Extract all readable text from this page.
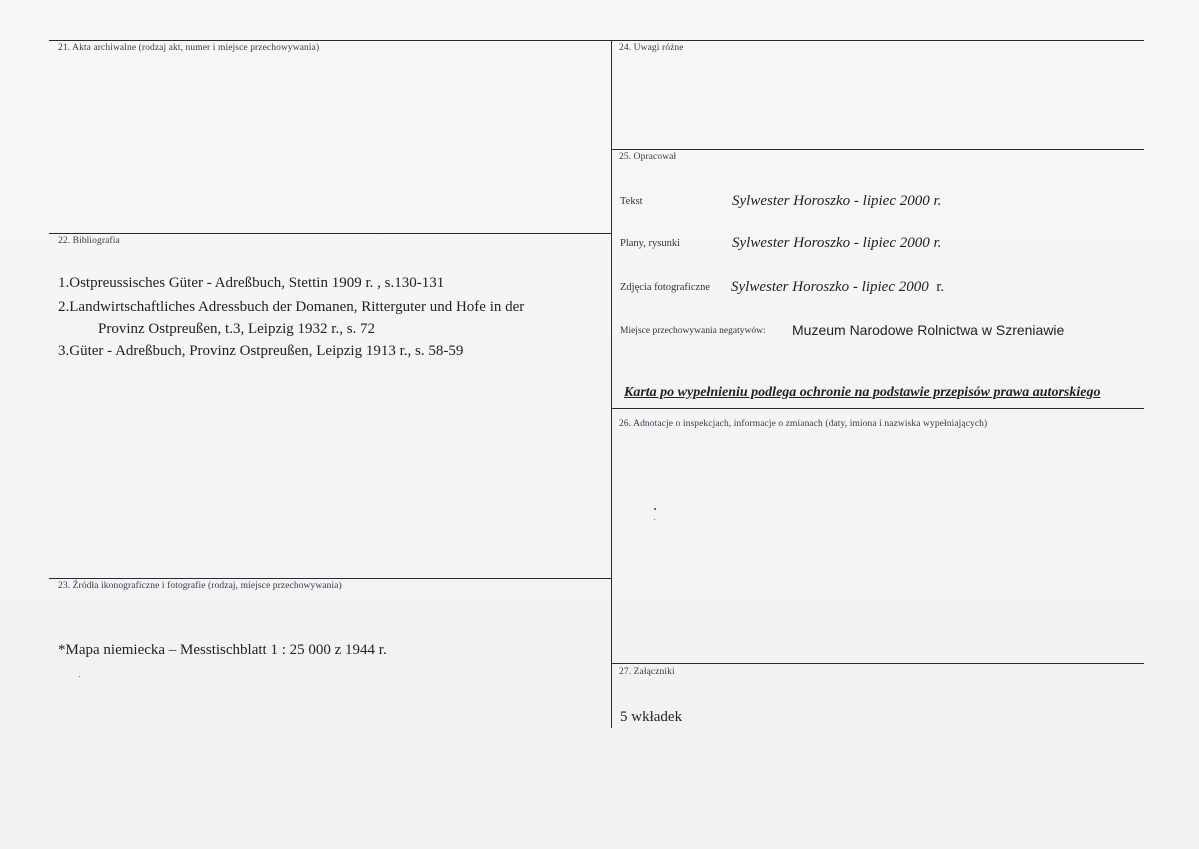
21. Akta archiwalne (rodzaj akt, numer i miejsce przechowywania)	24. Uwagi różne
25. Opracował
Tekst	Sylwester Horoszko - lipiec 2000 r.
Plany, rysunki	Sylwester Horoszko - lipiec 2000 r.
Zdjęcia fotograficzne Sylwester Horoszko - lipiec 2000 r.
Miejsce przechowywania negatywów: Muzeum Narodowe Rolnictwa w Szreniawie
Karta po wypełnieniu podlega ochronie na podstawie przepisów prawa autorskiego
22. Bibliografia
1.Ostpreussisches Güter - Adreßbuch, Stettin 1909 r. , s.130-131
2.Landwirtschaftliches Adressbuch der Domanen, Ritterguter und Hofe in der
Provinz Ostpreußen, t.3, Leipzig 1932 r., s. 72
3.Güter - Adreßbuch, Provinz Ostpreußen, Leipzig 1913 r., s. 58-59
26. Adnotacje o inspekcjach, informacje o zmianach (daty, imiona i nazwiska wypełniających)
23. Źródła ikonograficzne i fotografie (rodzaj, miejsce przechowywania)
*Mapa niemiecka – Messtischblatt 1 : 25 000 z 1944 r.
27. Załączniki
5 wkładek
